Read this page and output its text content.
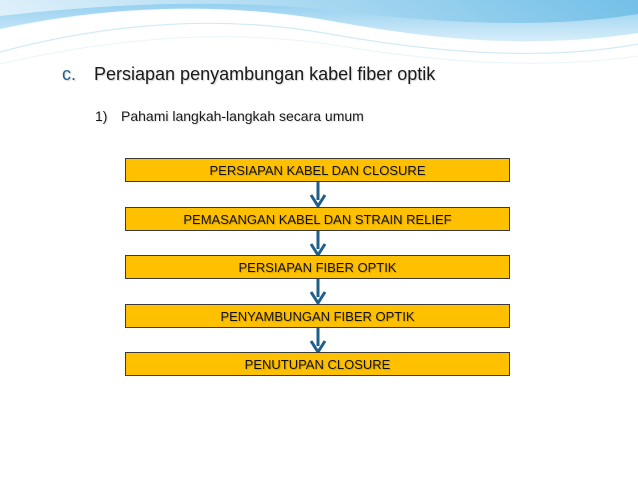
c. Persiapan penyambungan kabel fiber optik
1) Pahami langkah-langkah secara umum
PERSIAPAN KABEL DAN CLOSURE
PEMASANGAN KABEL DAN STRAIN RELIEF
PERSIAPAN FIBER OPTIK
PENYAMBUNGAN FIBER OPTIK
PENUTUPAN CLOSURE
